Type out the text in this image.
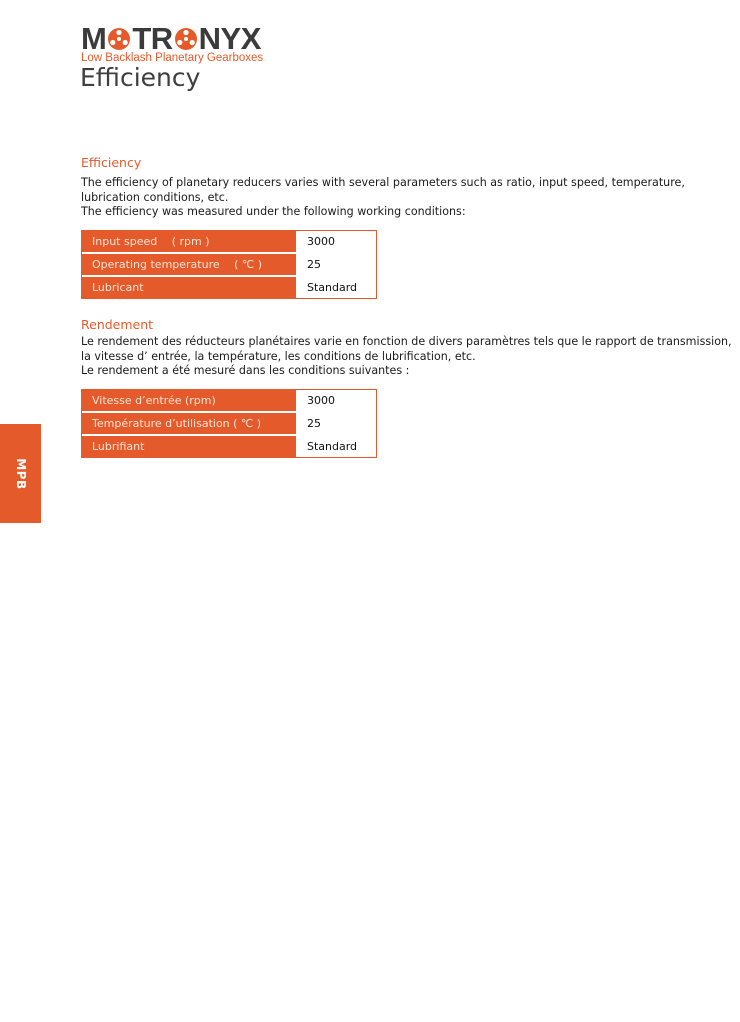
M T R NYX
Low Backlash Planetary Gearboxes
Efficiency
Efficiency
The efficiency of planetary reducers varies with several parameters such as ratio, input speed, temperature,
lubrication conditions, etc.
The efficiency was measured under the following working conditions:
Input speed 　( rpm )	3000
Operating temperature 　( ℃ )	25
Lubricant	Standard
Rendement
Le rendement des réducteurs planétaires varie en fonction de divers paramètres tels que le rapport de transmission,
la vitesse d’ entrée, la température, les conditions de lubrification, etc.
Le rendement a été mesuré dans les conditions suivantes :
Vitesse d’entrée (rpm)	3000
Température d’utilisation ( ℃ )	25
Lubrifiant	Standard
MPB
